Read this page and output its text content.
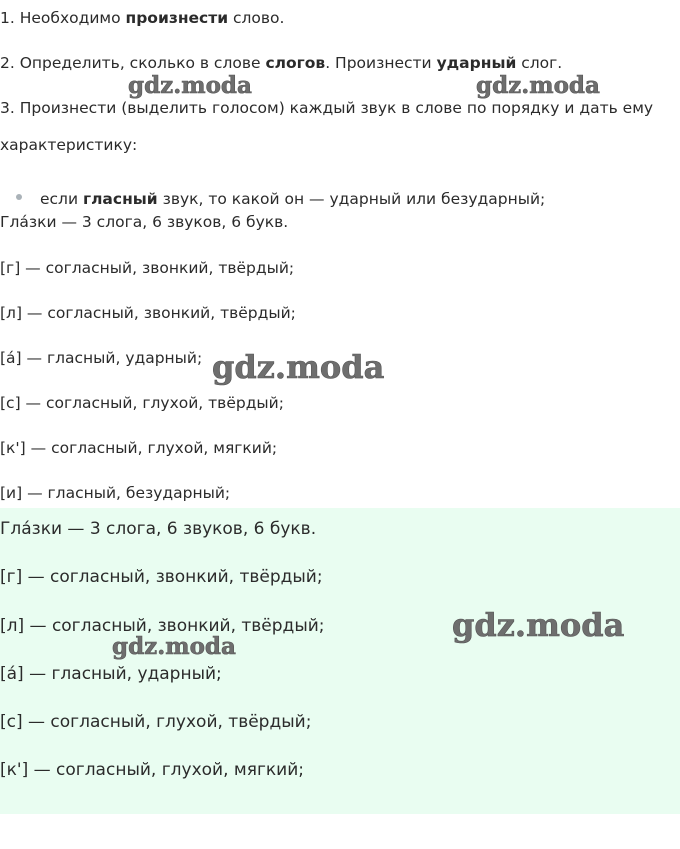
1. Необходимо произнести слово.
2. Определить, сколько в слове слогов. Произнести ударный слог.
3. Произнести (выделить голосом) каждый звук в слове по порядку и дать ему
характеристику:
если гласный звук, то какой он — ударный или безударный;
gdz.moda	gdz.moda
Гла́зки — 3 слога, 6 звуков, 6 букв.
[г] — согласный, звонкий, твёрдый;
[л] — согласный, звонкий, твёрдый;
[а́] — гласный, ударный;
[с] — согласный, глухой, твёрдый;
[к'] — согласный, глухой, мягкий;
[и] — гласный, безударный;
gdz.moda
Гла́зки — 3 слога, 6 звуков, 6 букв.
[г] — согласный, звонкий, твёрдый;
[л] — согласный, звонкий, твёрдый;
[а́] — гласный, ударный;
[с] — согласный, глухой, твёрдый;
[к'] — согласный, глухой, мягкий;
gdz.moda
gdz.moda
